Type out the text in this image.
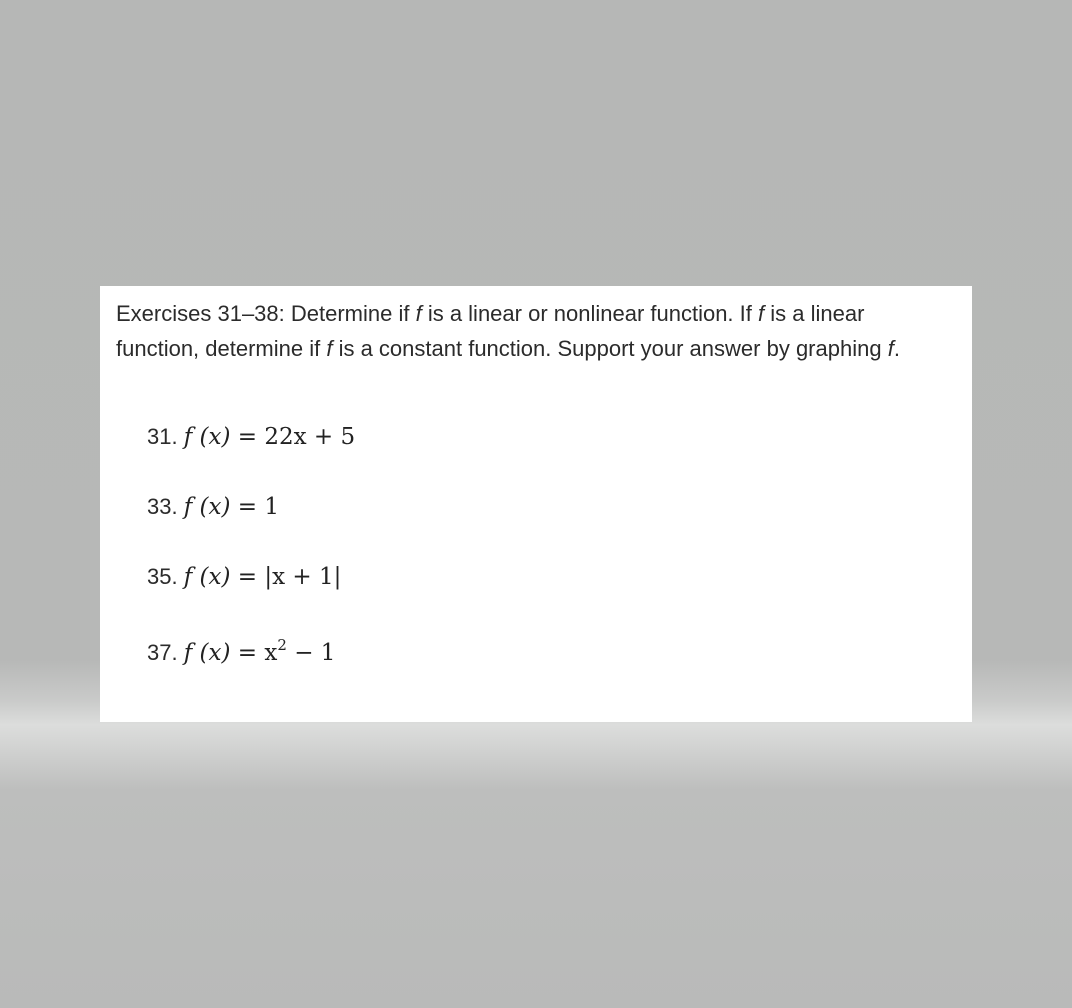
Exercises 31–38: Determine if f is a linear or nonlinear function. If f is a linear function, determine if f is a constant function. Support your answer by graphing f.

31. f (x) = 22x + 5
33. f (x) = 1
35. f (x) = |x + 1|
37. f $(x) = x^2 - 1$
